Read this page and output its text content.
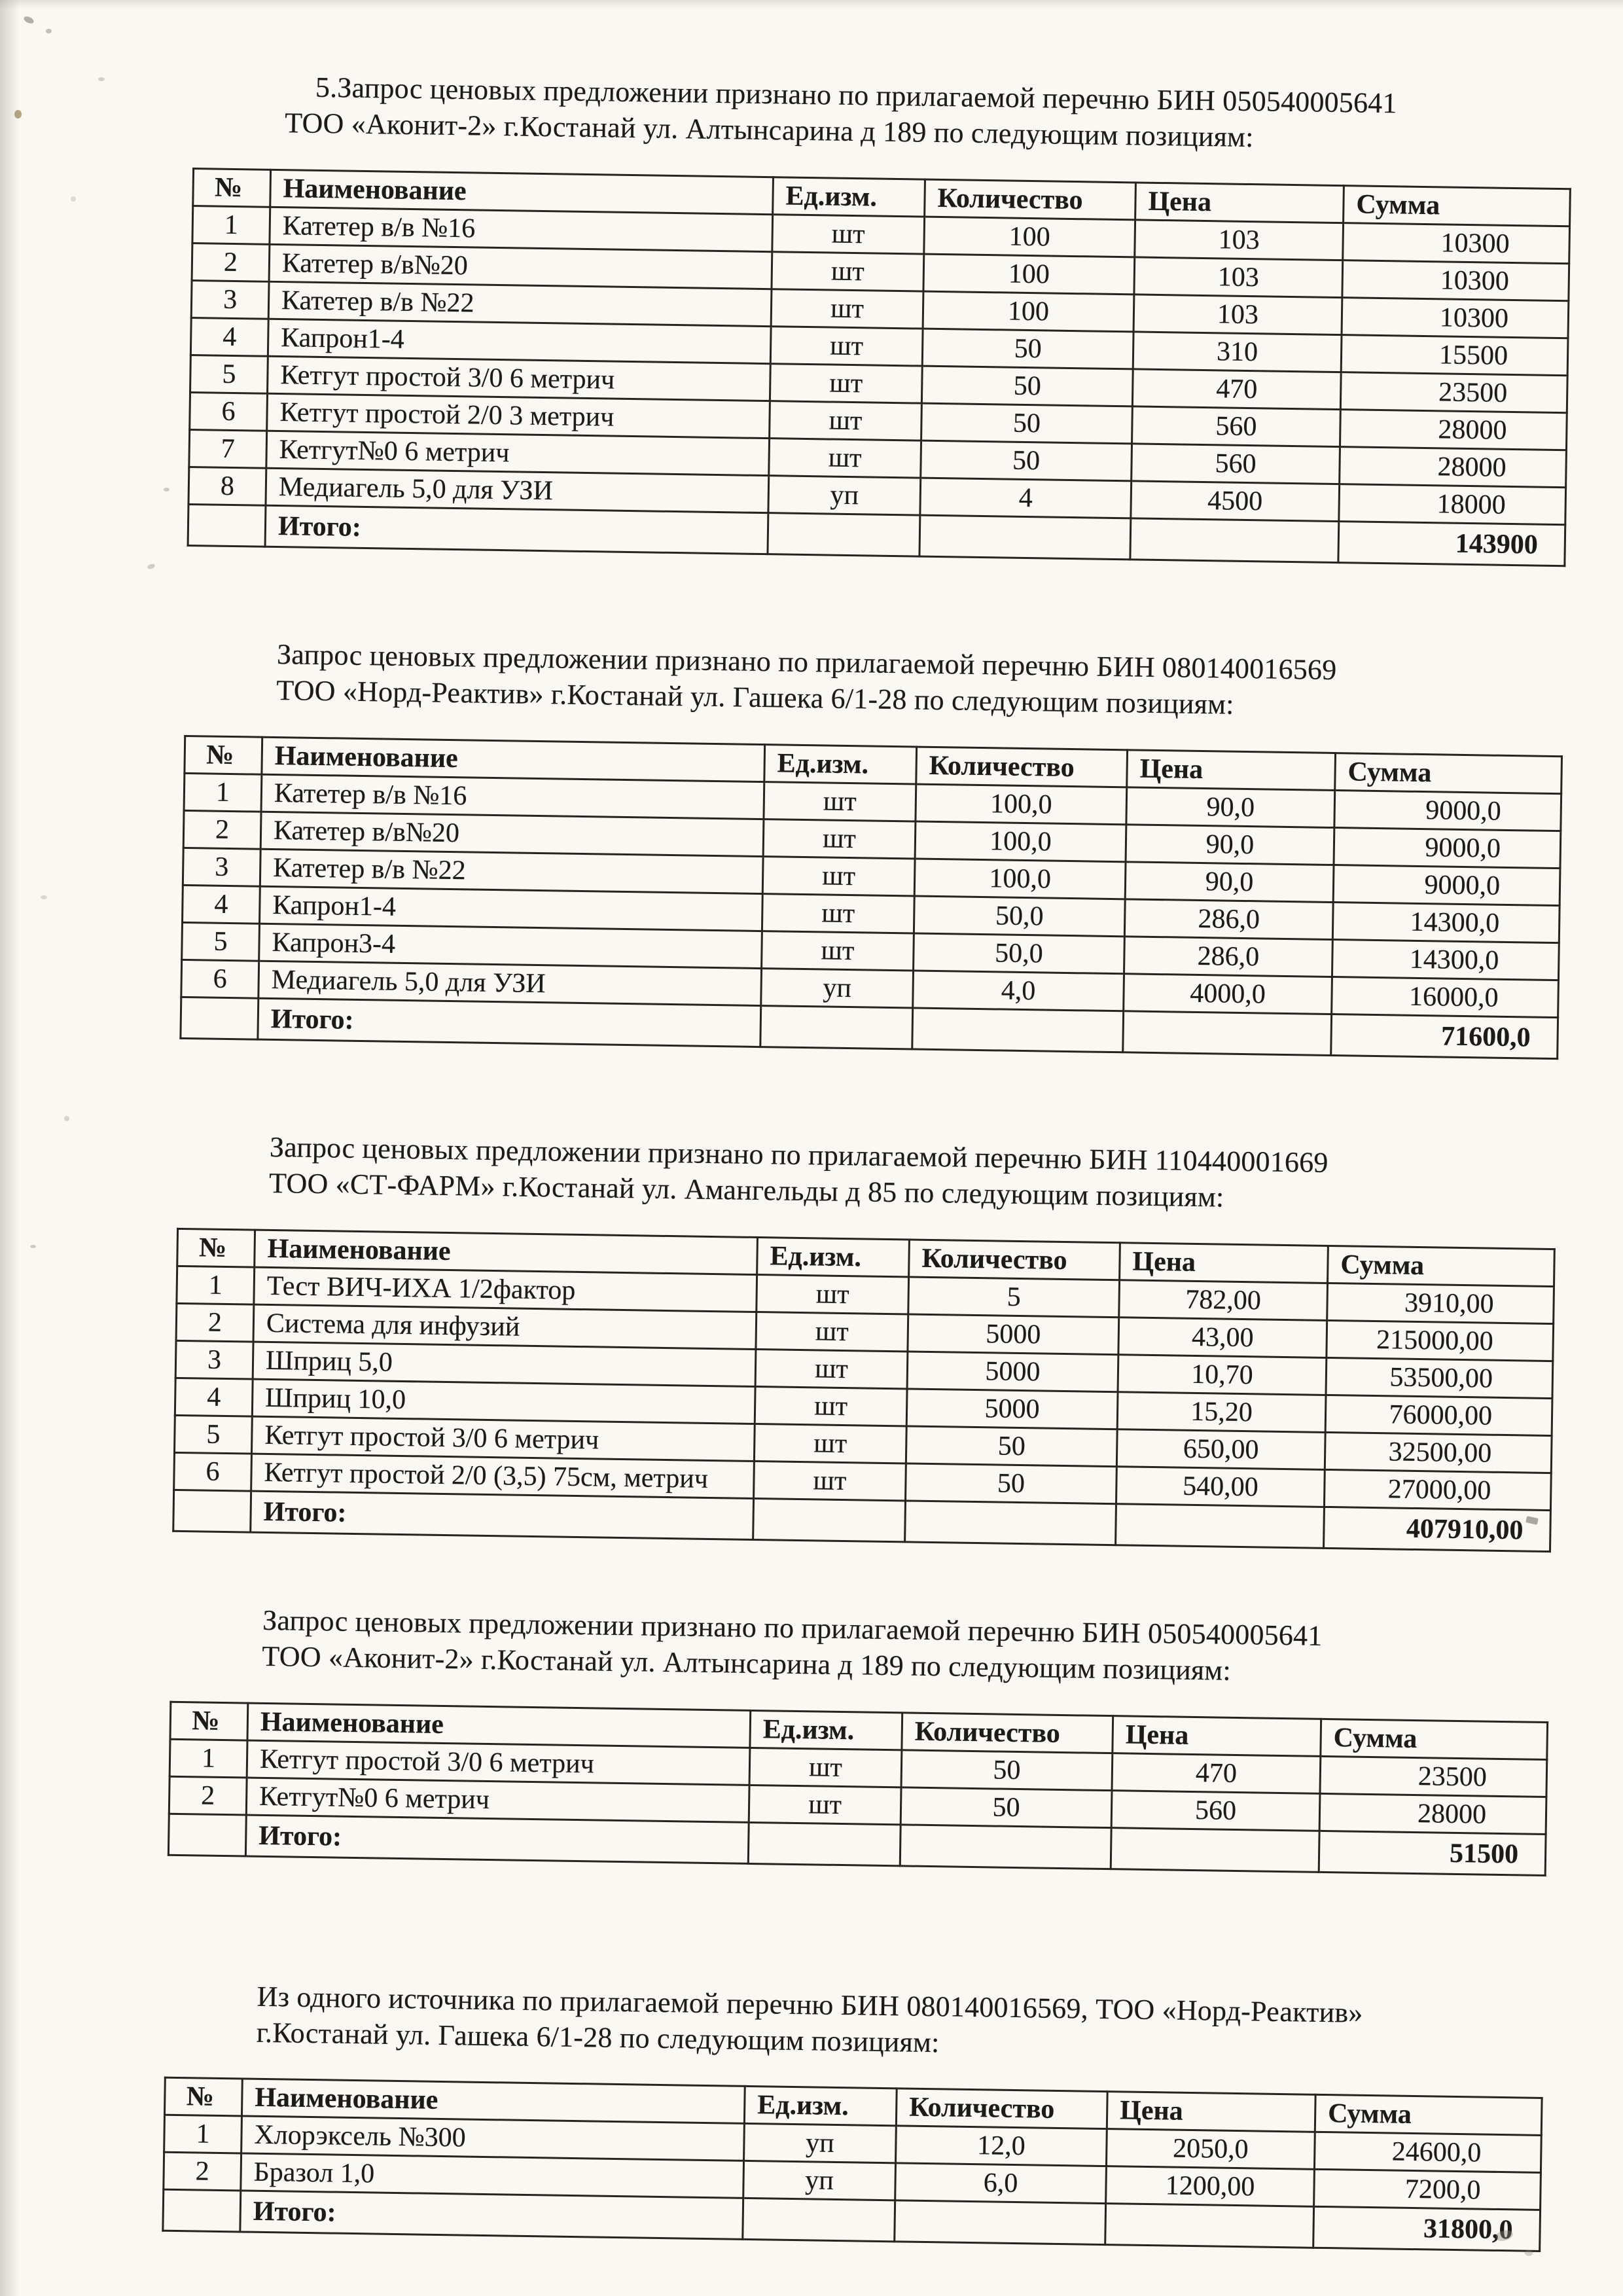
5.Запрос ценовых предложении признано по прилагаемой перечню БИН 050540005641
ТОО «Аконит-2» г.Костанай ул. Алтынсарина д 189 по следующим позициям:
№	Наименование	Ед.изм.	Количество	Цена	Сумма
1	Катетер в/в №16	шт	100	103	10300
2	Катетер в/в№20	шт	100	103	10300
3	Катетер в/в №22	шт	100	103	10300
4	Капрон1-4	шт	50	310	15500
5	Кетгут простой 3/0 6 метрич	шт	50	470	23500
6	Кетгут простой 2/0 3 метрич	шт	50	560	28000
7	Кетгут№0 6 метрич	шт	50	560	28000
8	Медиагель 5,0 для УЗИ	уп	4	4500	18000
	Итого:				143900
Запрос ценовых предложении признано по прилагаемой перечню БИН 080140016569
ТОО «Норд-Реактив» г.Костанай ул. Гашека 6/1-28 по следующим позициям:
№	Наименование	Ед.изм.	Количество	Цена	Сумма
1	Катетер в/в №16	шт	100,0	90,0	9000,0
2	Катетер в/в№20	шт	100,0	90,0	9000,0
3	Катетер в/в №22	шт	100,0	90,0	9000,0
4	Капрон1-4	шт	50,0	286,0	14300,0
5	Капрон3-4	шт	50,0	286,0	14300,0
6	Медиагель 5,0 для УЗИ	уп	4,0	4000,0	16000,0
	Итого:				71600,0
Запрос ценовых предложении признано по прилагаемой перечню БИН 110440001669
ТОО «СТ-ФАРМ» г.Костанай ул. Амангельды д 85 по следующим позициям:
№	Наименование	Ед.изм.	Количество	Цена	Сумма
1	Тест ВИЧ-ИХА 1/2фактор	шт	5	782,00	3910,00
2	Система для инфузий	шт	5000	43,00	215000,00
3	Шприц 5,0	шт	5000	10,70	53500,00
4	Шприц 10,0	шт	5000	15,20	76000,00
5	Кетгут простой 3/0 6 метрич	шт	50	650,00	32500,00
6	Кетгут простой 2/0 (3,5) 75см, метрич	шт	50	540,00	27000,00
	Итого:				407910,00
Запрос ценовых предложении признано по прилагаемой перечню БИН 050540005641
ТОО «Аконит-2» г.Костанай ул. Алтынсарина д 189 по следующим позициям:
№	Наименование	Ед.изм.	Количество	Цена	Сумма
1	Кетгут простой 3/0 6 метрич	шт	50	470	23500
2	Кетгут№0 6 метрич	шт	50	560	28000
	Итого:				51500
Из одного источника по прилагаемой перечню БИН 080140016569, ТОО «Норд-Реактив»
г.Костанай ул. Гашека 6/1-28 по следующим позициям:
№	Наименование	Ед.изм.	Количество	Цена	Сумма
1	Хлорэксель №300	уп	12,0	2050,0	24600,0
2	Бразол 1,0	уп	6,0	1200,00	7200,0
	Итого:				31800,0
